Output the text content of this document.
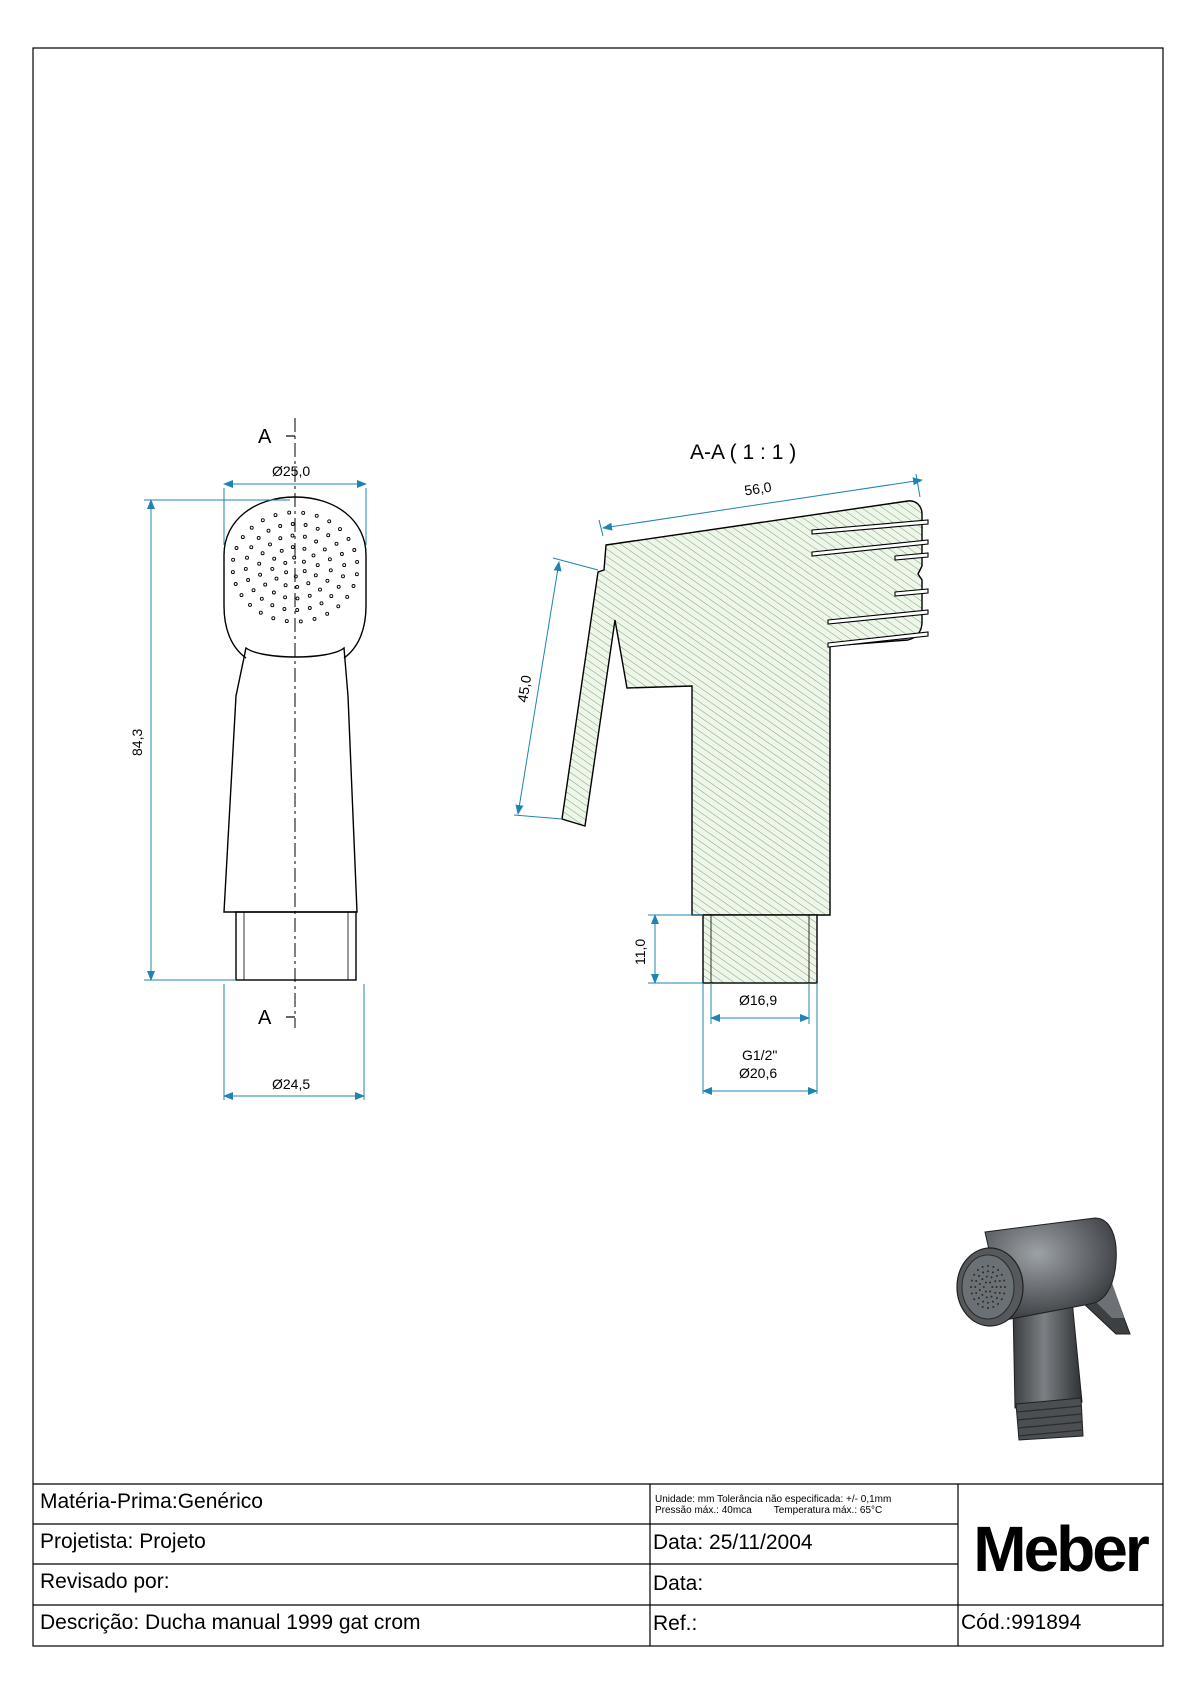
A
A
Ø25,0
84,3
Ø24,5
A-A ( 1 : 1 )
56,0
45,0
11,0
Ø16,9
G1/2"
Ø20,6
Matéria-Prima:Genérico
Projetista: Projeto
Revisado por:
Descrição: Ducha manual 1999 gat crom
Unidade: mm Tolerância não especificada: +/- 0,1mm
Pressão máx.: 40mca        Temperatura máx.: 65°C
Data: 25/11/2004
Data:
Ref.:
Meber
Cód.:991894
